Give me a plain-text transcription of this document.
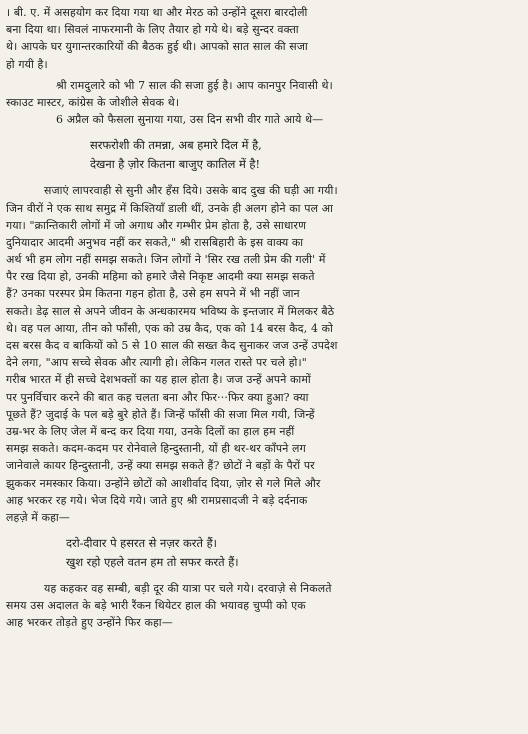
। बी. ए. में असहयोग कर दिया गया था और मेरठ को उन्होंने दूसरा बारदोली
बना दिया था। सिवलं नाफरमानी के लिए तैयार हो गये थे। बड़े सुन्दर वक्ता
थे। आपके घर युगान्तरकारियों की बैठक हुई थी। आपको सात साल की सजा
हो गयी है।
श्री रामदुलारे को भी 7 साल की सजा हुई है। आप कानपुर निवासी थे।
स्काउट मास्टर, कांग्रेस के जोशीले सेवक थे।
6 अप्रैल को फैसला सुनाया गया, उस दिन सभी वीर गाते आये थे—
सरफरोशी की तमन्ना, अब हमारे दिल में है,
देखना है ज़ोर कितना बाजुए कातिल में है!
सजाएं लापरवाही से सुनी और हँस दिये। उसके बाद दुख की घड़ी आ गयी।
जिन वीरों ने एक साथ समुद्र में किश्तियाँ डाली थीं, उनके ही अलग होने का पल आ
गया। "क्रान्तिकारी लोगों में जो अगाध और गम्भीर प्रेम होता है, उसे साधारण
दुनियादार आदमी अनुभव नहीं कर सकते," श्री रासबिहारी के इस वाक्य का
अर्थ भी हम लोग नहीं समझ सकते। जिन लोगों ने 'सिर रख तली प्रेम की गली' में
पैर रख दिया हो, उनकी महिमा को हमारे जैसे निकृष्ट आदमी क्या समझ सकते
हैं? उनका परस्पर प्रेम कितना गहन होता है, उसे हम सपने में भी नहीं जान
सकते। डेढ़ साल से अपने जीवन के अन्धकारमय भविष्य के इन्तजार में मिलकर बैठे
थे। वह पल आया, तीन को फाँसी, एक को उम्र कैद, एक को 14 बरस कैद, 4 को
दस बरस कैद व बाकियों को 5 से 10 साल की सख्त कैद सुनाकर जज उन्हें उपदेश
देने लगा, "आप सच्चे सेवक और त्यागी हो। लेकिन गलत रास्ते पर चले हो।"
गरीब भारत में ही सच्चे देशभक्तों का यह हाल होता है। जज उन्हें अपने कामों
पर पुनर्विचार करने की बात कह चलता बना और फिर···फिर क्या हुआ? क्या
पूछते हैं? जुदाई के पल बड़े बुरे होते हैं। जिन्हें फाँसी की सजा मिल गयी, जिन्हें
उम्र-भर के लिए जेल में बन्द कर दिया गया, उनके दिलों का हाल हम नहीं
समझ सकते। कदम-कदम पर रोनेवाले हिन्दुस्तानी, यों ही थर-थर काँपने लग
जानेवाले कायर हिन्दुस्तानी, उन्हें क्या समझ सकते हैं? छोटों ने बड़ों के पैरों पर
झुककर नमस्कार किया। उन्होंने छोटों को आशीर्वाद दिया, ज़ोर से गले मिले और
आह भरकर रह गये। भेज दिये गये। जाते हुए श्री रामप्रसादजी ने बड़े दर्दनाक
लहज़े में कहा—
दरो-दीवार पे हसरत से नज़र करते हैं।
खुश रहो एहले वतन हम तो सफर करते हैं।
यह कहकर वह सम्बी, बड़ी दूर की यात्रा पर चले गये। दरवाज़े से निकलते
समय उस अदालत के बड़े भारी रैंकन थियेटर हाल की भयावह चुप्पी को एक
आह भरकर तोड़ते हुए उन्होंने फिर कहा—
